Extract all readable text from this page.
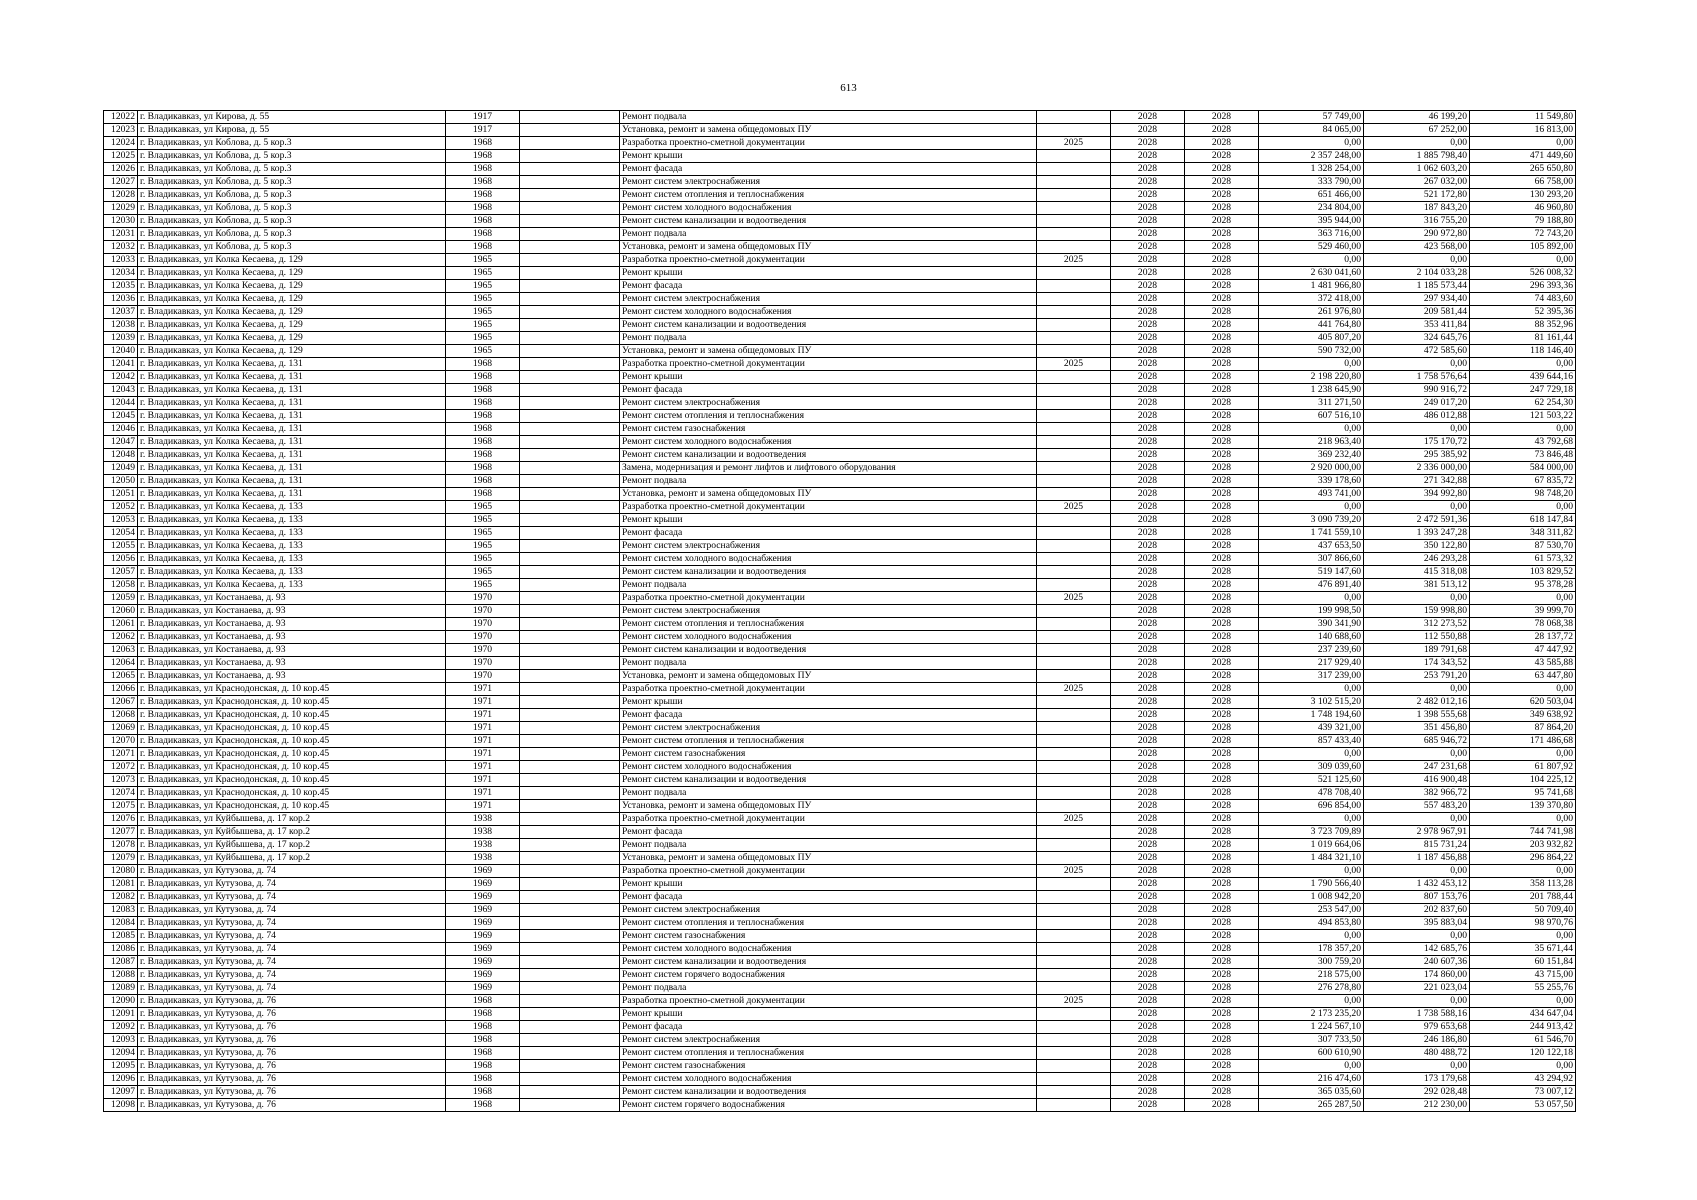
613
12022	г. Владикавказ, ул Кирова, д. 55	1917		Ремонт подвала		2028	2028	57 749,00	46 199,20	11 549,80
12023	г. Владикавказ, ул Кирова, д. 55	1917		Установка, ремонт и замена общедомовых ПУ		2028	2028	84 065,00	67 252,00	16 813,00
12024	г. Владикавказ, ул Коблова, д. 5 кор.3	1968		Разработка проектно-сметной документации	2025	2028	2028	0,00	0,00	0,00
12025	г. Владикавказ, ул Коблова, д. 5 кор.3	1968		Ремонт крыши		2028	2028	2 357 248,00	1 885 798,40	471 449,60
12026	г. Владикавказ, ул Коблова, д. 5 кор.3	1968		Ремонт фасада		2028	2028	1 328 254,00	1 062 603,20	265 650,80
12027	г. Владикавказ, ул Коблова, д. 5 кор.3	1968		Ремонт систем электроснабжения		2028	2028	333 790,00	267 032,00	66 758,00
12028	г. Владикавказ, ул Коблова, д. 5 кор.3	1968		Ремонт систем отопления и теплоснабжения		2028	2028	651 466,00	521 172,80	130 293,20
12029	г. Владикавказ, ул Коблова, д. 5 кор.3	1968		Ремонт систем холодного водоснабжения		2028	2028	234 804,00	187 843,20	46 960,80
12030	г. Владикавказ, ул Коблова, д. 5 кор.3	1968		Ремонт систем канализации и водоотведения		2028	2028	395 944,00	316 755,20	79 188,80
12031	г. Владикавказ, ул Коблова, д. 5 кор.3	1968		Ремонт подвала		2028	2028	363 716,00	290 972,80	72 743,20
12032	г. Владикавказ, ул Коблова, д. 5 кор.3	1968		Установка, ремонт и замена общедомовых ПУ		2028	2028	529 460,00	423 568,00	105 892,00
12033	г. Владикавказ, ул Колка Кесаева, д. 129	1965		Разработка проектно-сметной документации	2025	2028	2028	0,00	0,00	0,00
12034	г. Владикавказ, ул Колка Кесаева, д. 129	1965		Ремонт крыши		2028	2028	2 630 041,60	2 104 033,28	526 008,32
12035	г. Владикавказ, ул Колка Кесаева, д. 129	1965		Ремонт фасада		2028	2028	1 481 966,80	1 185 573,44	296 393,36
12036	г. Владикавказ, ул Колка Кесаева, д. 129	1965		Ремонт систем электроснабжения		2028	2028	372 418,00	297 934,40	74 483,60
12037	г. Владикавказ, ул Колка Кесаева, д. 129	1965		Ремонт систем холодного водоснабжения		2028	2028	261 976,80	209 581,44	52 395,36
12038	г. Владикавказ, ул Колка Кесаева, д. 129	1965		Ремонт систем канализации и водоотведения		2028	2028	441 764,80	353 411,84	88 352,96
12039	г. Владикавказ, ул Колка Кесаева, д. 129	1965		Ремонт подвала		2028	2028	405 807,20	324 645,76	81 161,44
12040	г. Владикавказ, ул Колка Кесаева, д. 129	1965		Установка, ремонт и замена общедомовых ПУ		2028	2028	590 732,00	472 585,60	118 146,40
12041	г. Владикавказ, ул Колка Кесаева, д. 131	1968		Разработка проектно-сметной документации	2025	2028	2028	0,00	0,00	0,00
12042	г. Владикавказ, ул Колка Кесаева, д. 131	1968		Ремонт крыши		2028	2028	2 198 220,80	1 758 576,64	439 644,16
12043	г. Владикавказ, ул Колка Кесаева, д. 131	1968		Ремонт фасада		2028	2028	1 238 645,90	990 916,72	247 729,18
12044	г. Владикавказ, ул Колка Кесаева, д. 131	1968		Ремонт систем электроснабжения		2028	2028	311 271,50	249 017,20	62 254,30
12045	г. Владикавказ, ул Колка Кесаева, д. 131	1968		Ремонт систем отопления и теплоснабжения		2028	2028	607 516,10	486 012,88	121 503,22
12046	г. Владикавказ, ул Колка Кесаева, д. 131	1968		Ремонт систем газоснабжения		2028	2028	0,00	0,00	0,00
12047	г. Владикавказ, ул Колка Кесаева, д. 131	1968		Ремонт систем холодного водоснабжения		2028	2028	218 963,40	175 170,72	43 792,68
12048	г. Владикавказ, ул Колка Кесаева, д. 131	1968		Ремонт систем канализации и водоотведения		2028	2028	369 232,40	295 385,92	73 846,48
12049	г. Владикавказ, ул Колка Кесаева, д. 131	1968		Замена, модернизация и ремонт лифтов и лифтового оборудования		2028	2028	2 920 000,00	2 336 000,00	584 000,00
12050	г. Владикавказ, ул Колка Кесаева, д. 131	1968		Ремонт подвала		2028	2028	339 178,60	271 342,88	67 835,72
12051	г. Владикавказ, ул Колка Кесаева, д. 131	1968		Установка, ремонт и замена общедомовых ПУ		2028	2028	493 741,00	394 992,80	98 748,20
12052	г. Владикавказ, ул Колка Кесаева, д. 133	1965		Разработка проектно-сметной документации	2025	2028	2028	0,00	0,00	0,00
12053	г. Владикавказ, ул Колка Кесаева, д. 133	1965		Ремонт крыши		2028	2028	3 090 739,20	2 472 591,36	618 147,84
12054	г. Владикавказ, ул Колка Кесаева, д. 133	1965		Ремонт фасада		2028	2028	1 741 559,10	1 393 247,28	348 311,82
12055	г. Владикавказ, ул Колка Кесаева, д. 133	1965		Ремонт систем электроснабжения		2028	2028	437 653,50	350 122,80	87 530,70
12056	г. Владикавказ, ул Колка Кесаева, д. 133	1965		Ремонт систем холодного водоснабжения		2028	2028	307 866,60	246 293,28	61 573,32
12057	г. Владикавказ, ул Колка Кесаева, д. 133	1965		Ремонт систем канализации и водоотведения		2028	2028	519 147,60	415 318,08	103 829,52
12058	г. Владикавказ, ул Колка Кесаева, д. 133	1965		Ремонт подвала		2028	2028	476 891,40	381 513,12	95 378,28
12059	г. Владикавказ, ул Костанаева, д. 93	1970		Разработка проектно-сметной документации	2025	2028	2028	0,00	0,00	0,00
12060	г. Владикавказ, ул Костанаева, д. 93	1970		Ремонт систем электроснабжения		2028	2028	199 998,50	159 998,80	39 999,70
12061	г. Владикавказ, ул Костанаева, д. 93	1970		Ремонт систем отопления и теплоснабжения		2028	2028	390 341,90	312 273,52	78 068,38
12062	г. Владикавказ, ул Костанаева, д. 93	1970		Ремонт систем холодного водоснабжения		2028	2028	140 688,60	112 550,88	28 137,72
12063	г. Владикавказ, ул Костанаева, д. 93	1970		Ремонт систем канализации и водоотведения		2028	2028	237 239,60	189 791,68	47 447,92
12064	г. Владикавказ, ул Костанаева, д. 93	1970		Ремонт подвала		2028	2028	217 929,40	174 343,52	43 585,88
12065	г. Владикавказ, ул Костанаева, д. 93	1970		Установка, ремонт и замена общедомовых ПУ		2028	2028	317 239,00	253 791,20	63 447,80
12066	г. Владикавказ, ул Краснодонская, д. 10 кор.45	1971		Разработка проектно-сметной документации	2025	2028	2028	0,00	0,00	0,00
12067	г. Владикавказ, ул Краснодонская, д. 10 кор.45	1971		Ремонт крыши		2028	2028	3 102 515,20	2 482 012,16	620 503,04
12068	г. Владикавказ, ул Краснодонская, д. 10 кор.45	1971		Ремонт фасада		2028	2028	1 748 194,60	1 398 555,68	349 638,92
12069	г. Владикавказ, ул Краснодонская, д. 10 кор.45	1971		Ремонт систем электроснабжения		2028	2028	439 321,00	351 456,80	87 864,20
12070	г. Владикавказ, ул Краснодонская, д. 10 кор.45	1971		Ремонт систем отопления и теплоснабжения		2028	2028	857 433,40	685 946,72	171 486,68
12071	г. Владикавказ, ул Краснодонская, д. 10 кор.45	1971		Ремонт систем газоснабжения		2028	2028	0,00	0,00	0,00
12072	г. Владикавказ, ул Краснодонская, д. 10 кор.45	1971		Ремонт систем холодного водоснабжения		2028	2028	309 039,60	247 231,68	61 807,92
12073	г. Владикавказ, ул Краснодонская, д. 10 кор.45	1971		Ремонт систем канализации и водоотведения		2028	2028	521 125,60	416 900,48	104 225,12
12074	г. Владикавказ, ул Краснодонская, д. 10 кор.45	1971		Ремонт подвала		2028	2028	478 708,40	382 966,72	95 741,68
12075	г. Владикавказ, ул Краснодонская, д. 10 кор.45	1971		Установка, ремонт и замена общедомовых ПУ		2028	2028	696 854,00	557 483,20	139 370,80
12076	г. Владикавказ, ул Куйбышева, д. 17 кор.2	1938		Разработка проектно-сметной документации	2025	2028	2028	0,00	0,00	0,00
12077	г. Владикавказ, ул Куйбышева, д. 17 кор.2	1938		Ремонт фасада		2028	2028	3 723 709,89	2 978 967,91	744 741,98
12078	г. Владикавказ, ул Куйбышева, д. 17 кор.2	1938		Ремонт подвала		2028	2028	1 019 664,06	815 731,24	203 932,82
12079	г. Владикавказ, ул Куйбышева, д. 17 кор.2	1938		Установка, ремонт и замена общедомовых ПУ		2028	2028	1 484 321,10	1 187 456,88	296 864,22
12080	г. Владикавказ, ул Кутузова, д. 74	1969		Разработка проектно-сметной документации	2025	2028	2028	0,00	0,00	0,00
12081	г. Владикавказ, ул Кутузова, д. 74	1969		Ремонт крыши		2028	2028	1 790 566,40	1 432 453,12	358 113,28
12082	г. Владикавказ, ул Кутузова, д. 74	1969		Ремонт фасада		2028	2028	1 008 942,20	807 153,76	201 788,44
12083	г. Владикавказ, ул Кутузова, д. 74	1969		Ремонт систем электроснабжения		2028	2028	253 547,00	202 837,60	50 709,40
12084	г. Владикавказ, ул Кутузова, д. 74	1969		Ремонт систем отопления и теплоснабжения		2028	2028	494 853,80	395 883,04	98 970,76
12085	г. Владикавказ, ул Кутузова, д. 74	1969		Ремонт систем газоснабжения		2028	2028	0,00	0,00	0,00
12086	г. Владикавказ, ул Кутузова, д. 74	1969		Ремонт систем холодного водоснабжения		2028	2028	178 357,20	142 685,76	35 671,44
12087	г. Владикавказ, ул Кутузова, д. 74	1969		Ремонт систем канализации и водоотведения		2028	2028	300 759,20	240 607,36	60 151,84
12088	г. Владикавказ, ул Кутузова, д. 74	1969		Ремонт систем горячего водоснабжения		2028	2028	218 575,00	174 860,00	43 715,00
12089	г. Владикавказ, ул Кутузова, д. 74	1969		Ремонт подвала		2028	2028	276 278,80	221 023,04	55 255,76
12090	г. Владикавказ, ул Кутузова, д. 76	1968		Разработка проектно-сметной документации	2025	2028	2028	0,00	0,00	0,00
12091	г. Владикавказ, ул Кутузова, д. 76	1968		Ремонт крыши		2028	2028	2 173 235,20	1 738 588,16	434 647,04
12092	г. Владикавказ, ул Кутузова, д. 76	1968		Ремонт фасада		2028	2028	1 224 567,10	979 653,68	244 913,42
12093	г. Владикавказ, ул Кутузова, д. 76	1968		Ремонт систем электроснабжения		2028	2028	307 733,50	246 186,80	61 546,70
12094	г. Владикавказ, ул Кутузова, д. 76	1968		Ремонт систем отопления и теплоснабжения		2028	2028	600 610,90	480 488,72	120 122,18
12095	г. Владикавказ, ул Кутузова, д. 76	1968		Ремонт систем газоснабжения		2028	2028	0,00	0,00	0,00
12096	г. Владикавказ, ул Кутузова, д. 76	1968		Ремонт систем холодного водоснабжения		2028	2028	216 474,60	173 179,68	43 294,92
12097	г. Владикавказ, ул Кутузова, д. 76	1968		Ремонт систем канализации и водоотведения		2028	2028	365 035,60	292 028,48	73 007,12
12098	г. Владикавказ, ул Кутузова, д. 76	1968		Ремонт систем горячего водоснабжения		2028	2028	265 287,50	212 230,00	53 057,50
